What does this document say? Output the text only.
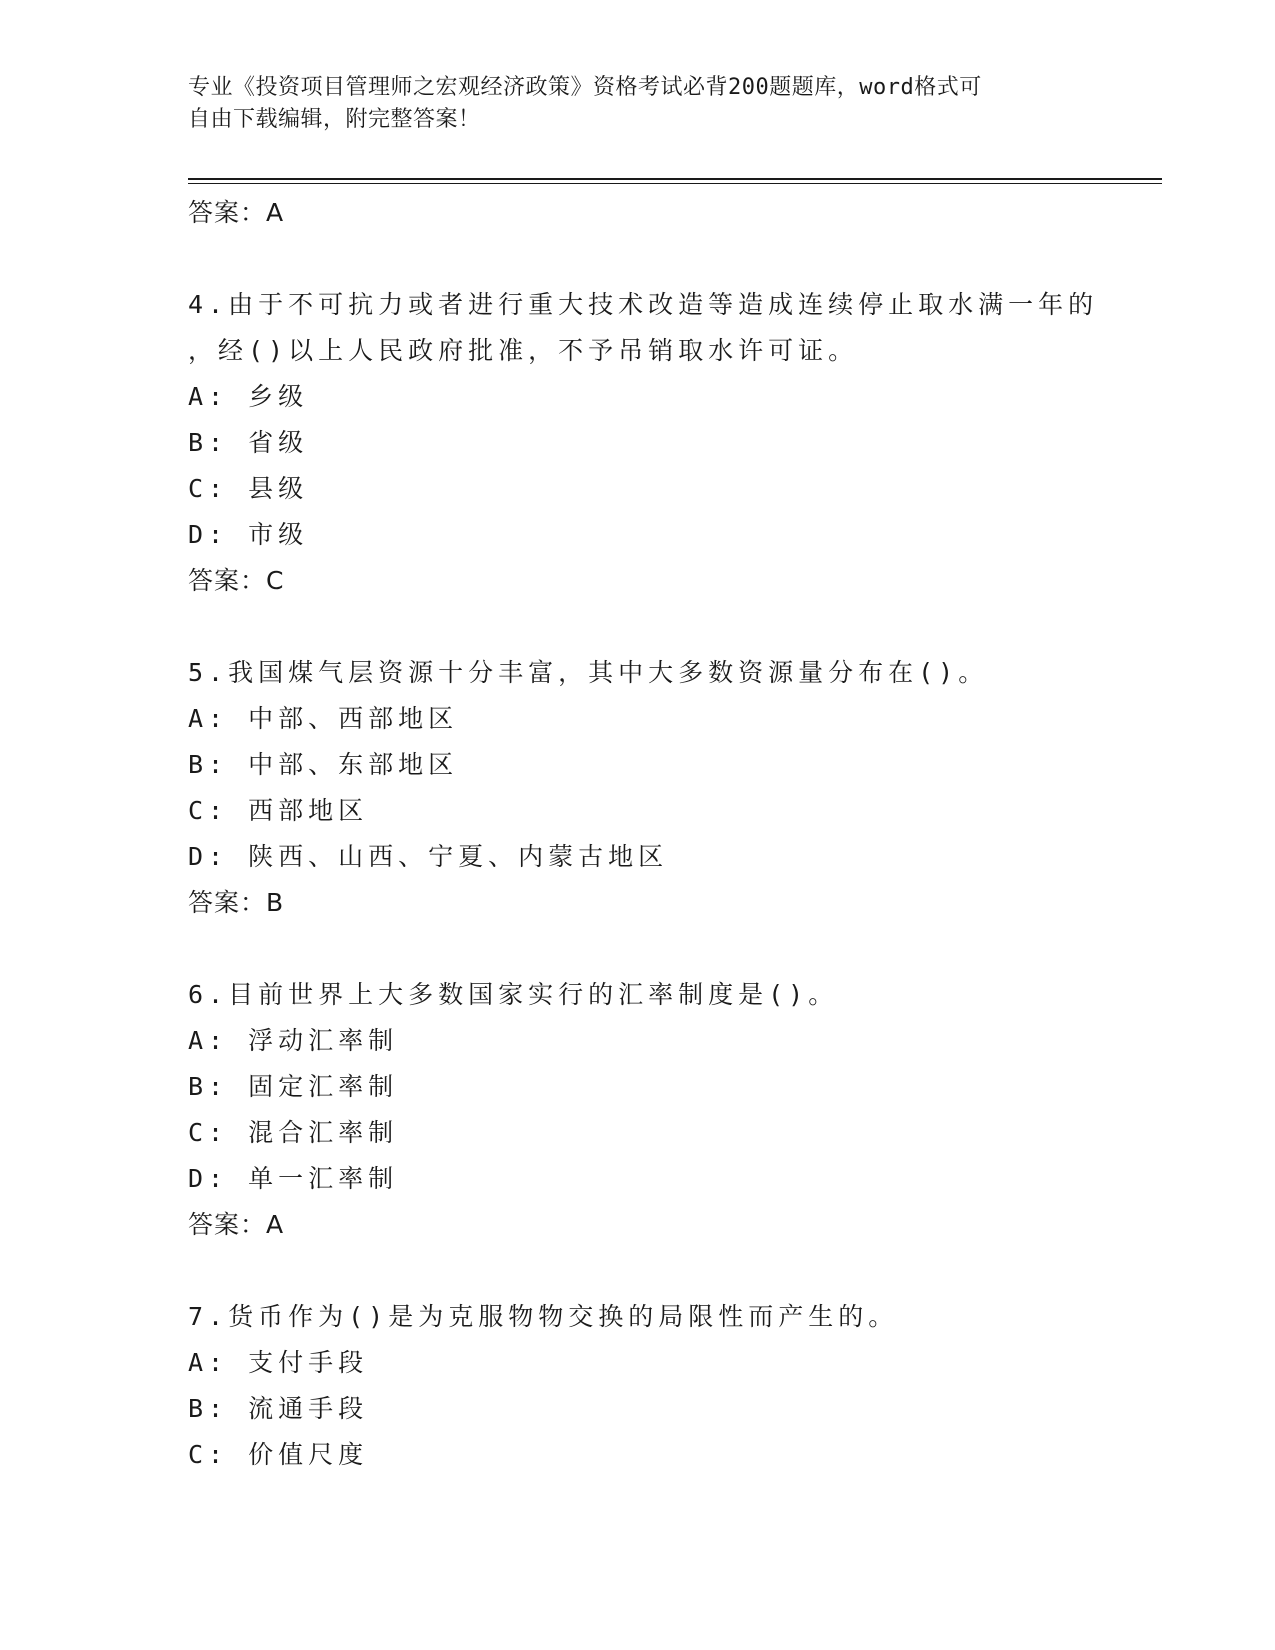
专业《投资项目管理师之宏观经济政策》资格考试必背200题题库，word格式可
自由下载编辑，附完整答案！
答案：A
4.由于不可抗力或者进行重大技术改造等造成连续停止取水满一年的
，经()以上人民政府批准，不予吊销取水许可证。
A: 乡级
B: 省级
C: 县级
D: 市级
答案：C
5.我国煤气层资源十分丰富，其中大多数资源量分布在()。
A: 中部、西部地区
B: 中部、东部地区
C: 西部地区
D: 陕西、山西、宁夏、内蒙古地区
答案：B
6.目前世界上大多数国家实行的汇率制度是()。
A: 浮动汇率制
B: 固定汇率制
C: 混合汇率制
D: 单一汇率制
答案：A
7.货币作为()是为克服物物交换的局限性而产生的。
A: 支付手段
B: 流通手段
C: 价值尺度
